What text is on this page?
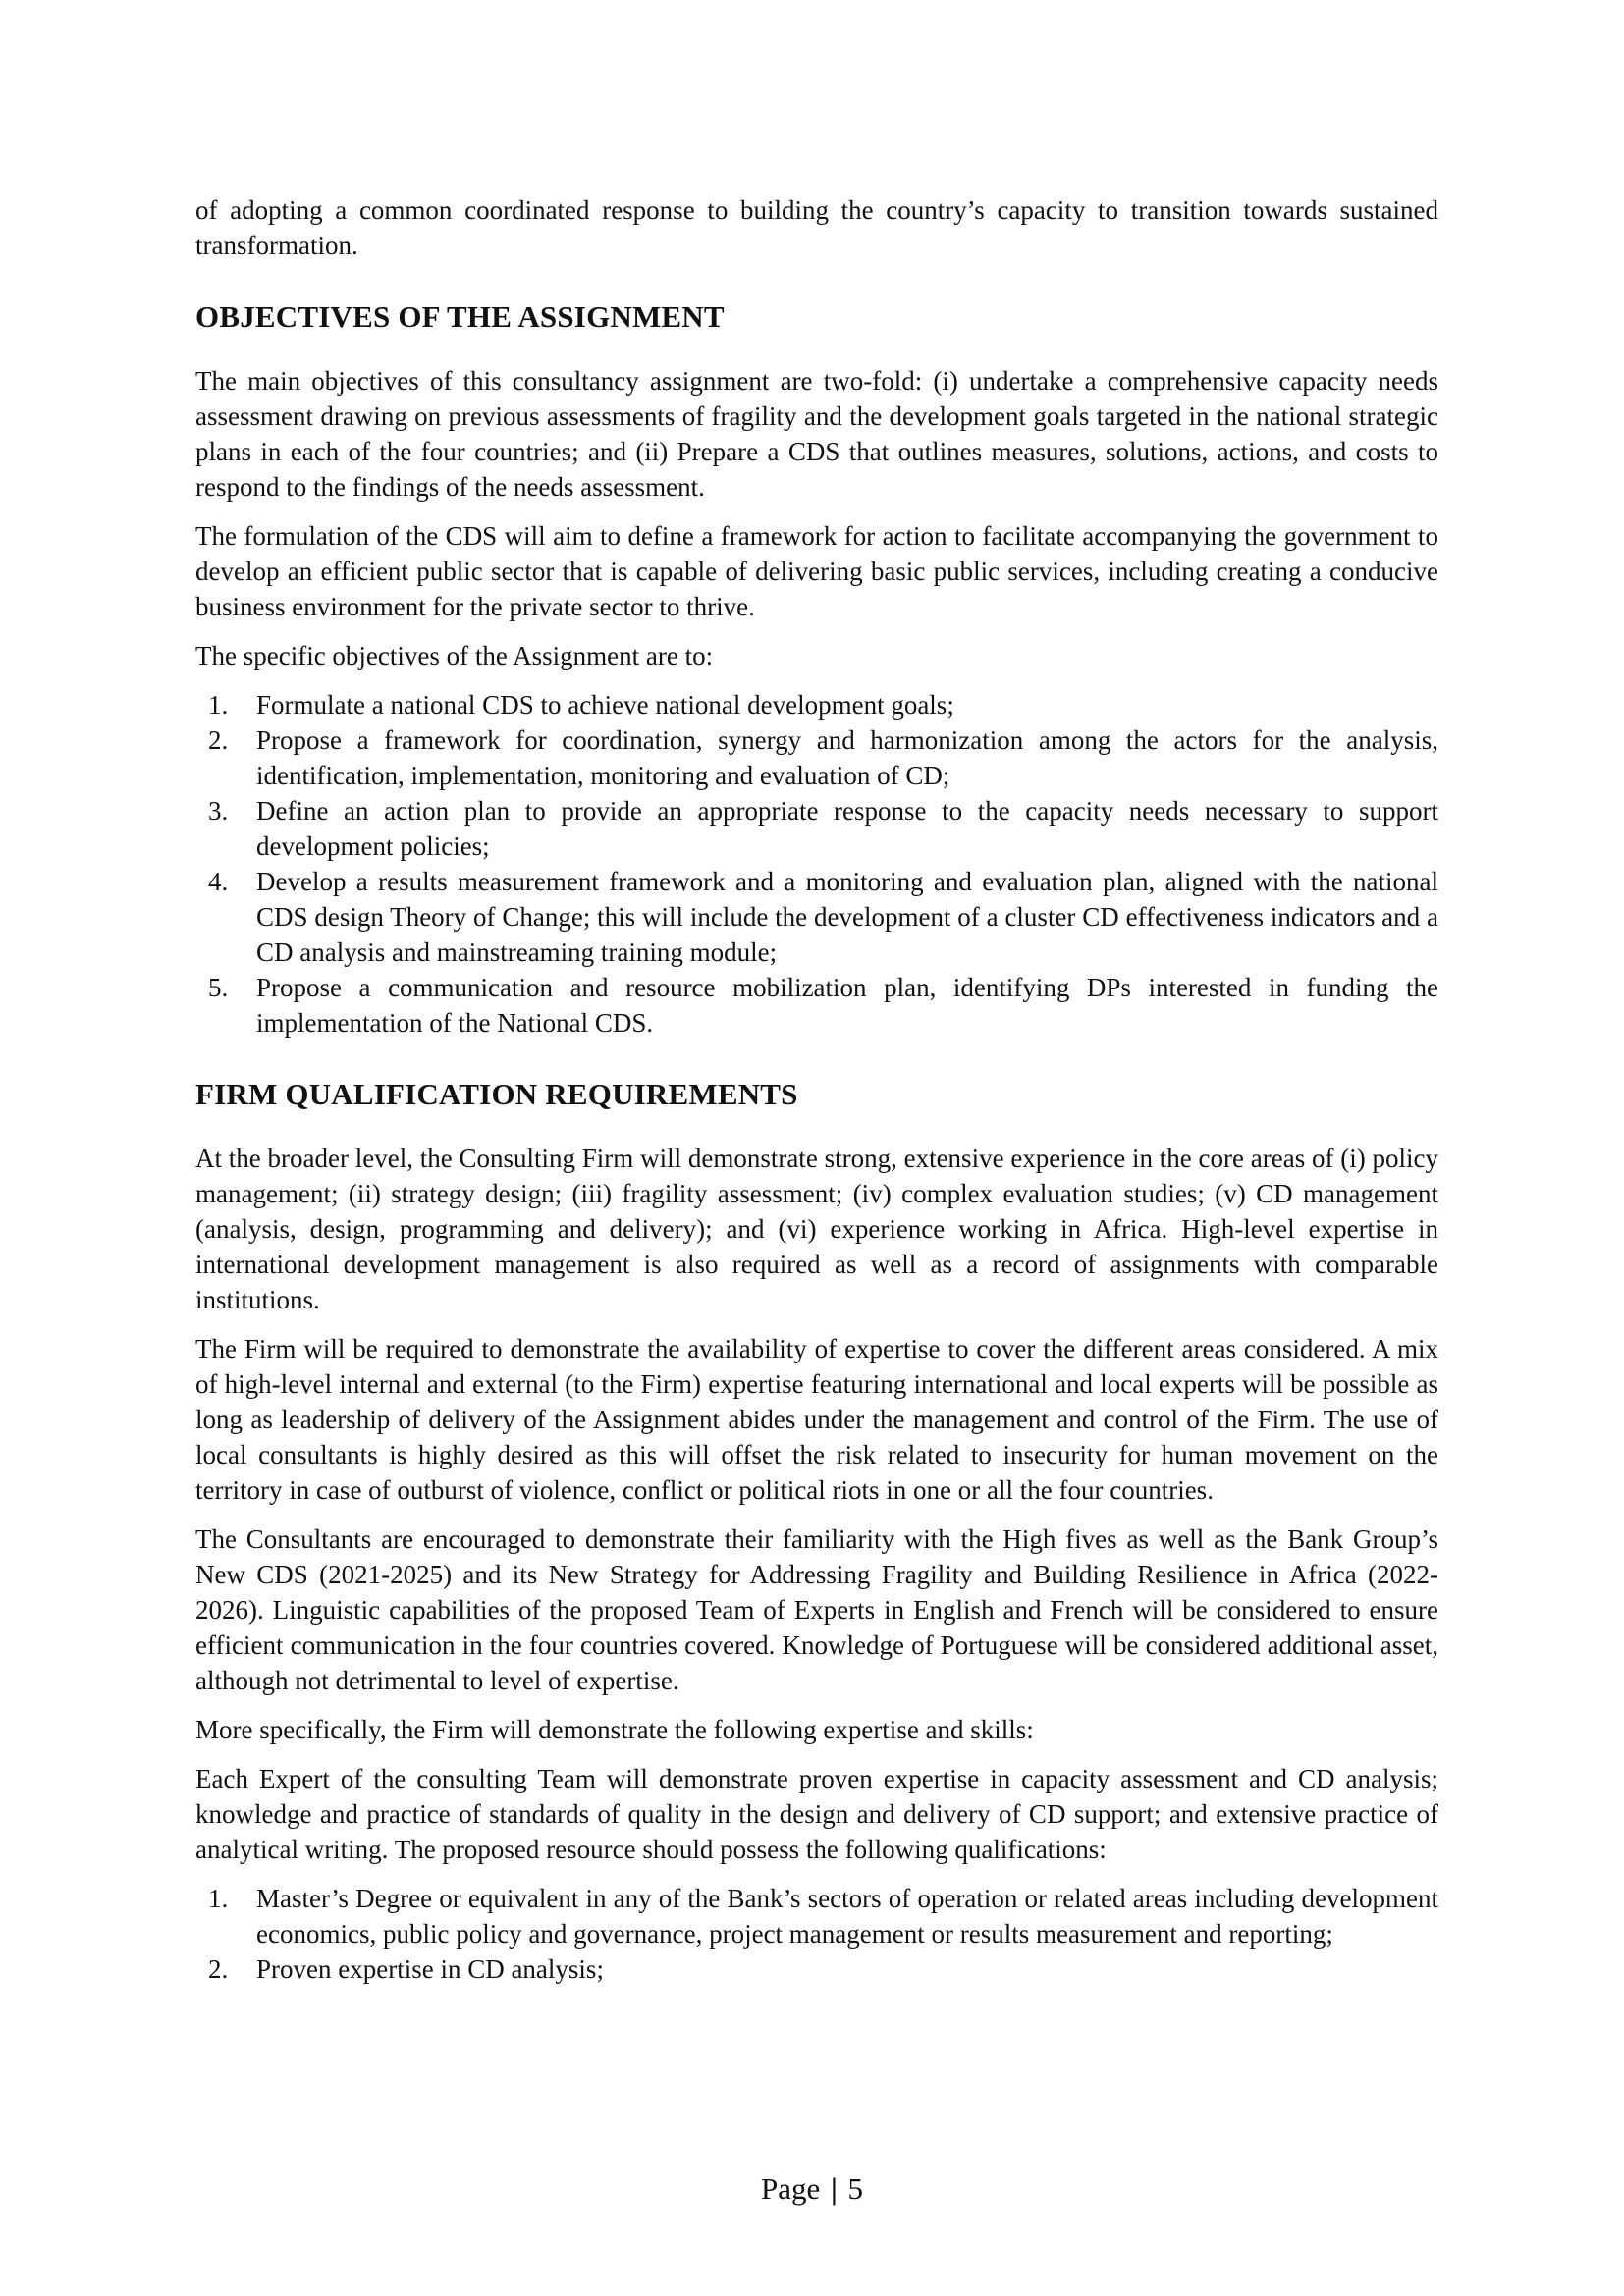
of adopting a common coordinated response to building the country’s capacity to transition towards sustained transformation.

OBJECTIVES OF THE ASSIGNMENT

The main objectives of this consultancy assignment are two-fold: (i) undertake a comprehensive capacity needs assessment drawing on previous assessments of fragility and the development goals targeted in the national strategic plans in each of the four countries; and (ii) Prepare a CDS that outlines measures, solutions, actions, and costs to respond to the findings of the needs assessment.

The formulation of the CDS will aim to define a framework for action to facilitate accompanying the government to develop an efficient public sector that is capable of delivering basic public services, including creating a conducive business environment for the private sector to thrive.

The specific objectives of the Assignment are to:

1. Formulate a national CDS to achieve national development goals;
2. Propose a framework for coordination, synergy and harmonization among the actors for the analysis, identification, implementation, monitoring and evaluation of CD;
3. Define an action plan to provide an appropriate response to the capacity needs necessary to support development policies;
4. Develop a results measurement framework and a monitoring and evaluation plan, aligned with the national CDS design Theory of Change; this will include the development of a cluster CD effectiveness indicators and a CD analysis and mainstreaming training module;
5. Propose a communication and resource mobilization plan, identifying DPs interested in funding the implementation of the National CDS.
FIRM QUALIFICATION REQUIREMENTS

At the broader level, the Consulting Firm will demonstrate strong, extensive experience in the core areas of (i) policy management; (ii) strategy design; (iii) fragility assessment; (iv) complex evaluation studies; (v) CD management (analysis, design, programming and delivery); and (vi) experience working in Africa. High-level expertise in international development management is also required as well as a record of assignments with comparable institutions.

The Firm will be required to demonstrate the availability of expertise to cover the different areas considered. A mix of high-level internal and external (to the Firm) expertise featuring international and local experts will be possible as long as leadership of delivery of the Assignment abides under the management and control of the Firm. The use of local consultants is highly desired as this will offset the risk related to insecurity for human movement on the territory in case of outburst of violence, conflict or political riots in one or all the four countries.

The Consultants are encouraged to demonstrate their familiarity with the High fives as well as the Bank Group’s New CDS (2021-2025) and its New Strategy for Addressing Fragility and Building Resilience in Africa (2022-2026). Linguistic capabilities of the proposed Team of Experts in English and French will be considered to ensure efficient communication in the four countries covered. Knowledge of Portuguese will be considered additional asset, although not detrimental to level of expertise.

More specifically, the Firm will demonstrate the following expertise and skills:

Each Expert of the consulting Team will demonstrate proven expertise in capacity assessment and CD analysis; knowledge and practice of standards of quality in the design and delivery of CD support; and extensive practice of analytical writing. The proposed resource should possess the following qualifications:

1. Master’s Degree or equivalent in any of the Bank’s sectors of operation or related areas including development economics, public policy and governance, project management or results measurement and reporting;
2. Proven expertise in CD analysis;
Page | 5
